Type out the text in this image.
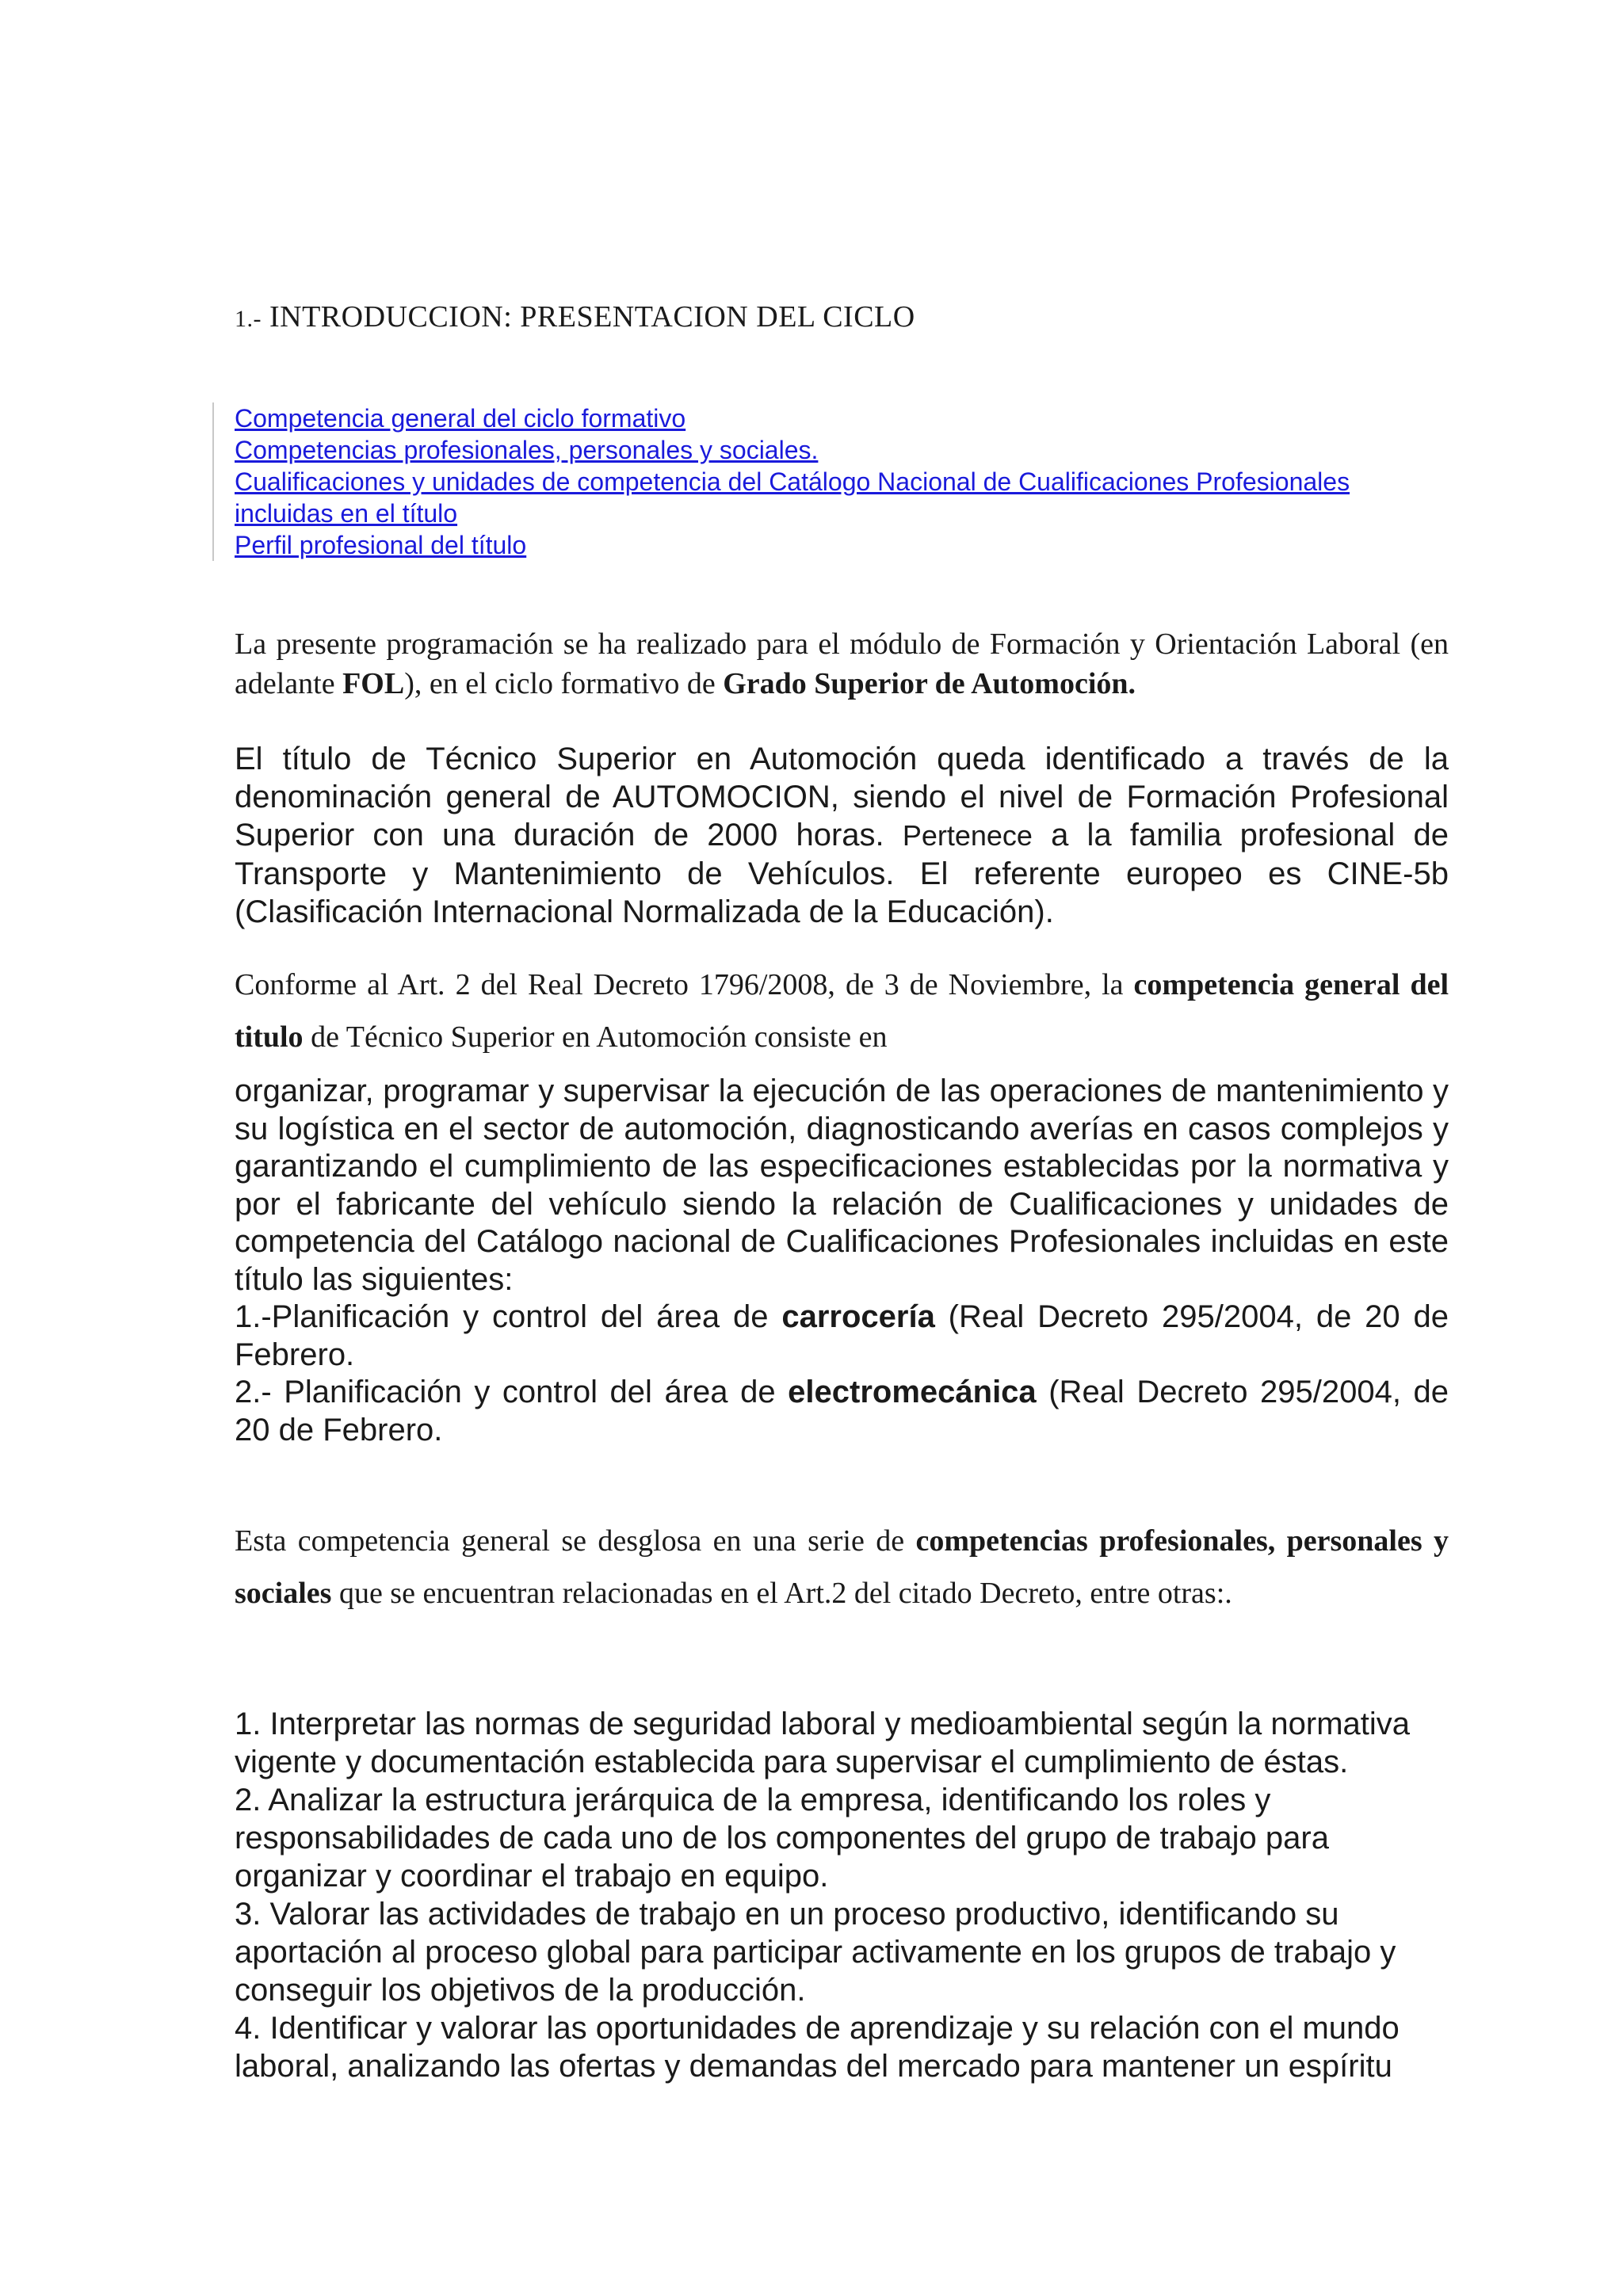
1.- INTRODUCCION: PRESENTACION DEL CICLO
Competencia general del ciclo formativo
Competencias profesionales, personales y sociales.
Cualificaciones y unidades de competencia del Catálogo Nacional de Cualificaciones Profesionales
incluidas en el título
Perfil profesional del título
La presente programación se ha realizado para el módulo de Formación y Orientación Laboral (en adelante FOL), en el ciclo formativo de Grado Superior de Automoción.
El título de Técnico Superior en Automoción queda identificado a través de la denominación general de AUTOMOCION, siendo el nivel de Formación Profesional Superior con una duración de 2000 horas. Pertenece a la familia profesional de Transporte y Mantenimiento de Vehículos. El referente europeo es CINE-5b (Clasificación Internacional Normalizada de la Educación).
Conforme al Art. 2 del Real Decreto 1796/2008, de 3 de Noviembre, la competencia general del titulo de Técnico Superior en Automoción consiste en
organizar, programar y supervisar la ejecución de las operaciones de mantenimiento y su logística en el sector de automoción, diagnosticando averías en casos complejos y garantizando el cumplimiento de las especificaciones establecidas por la normativa y por el fabricante del vehículo siendo la relación de Cualificaciones y unidades de competencia del Catálogo nacional de Cualificaciones Profesionales incluidas en este título las siguientes:
1.-Planificación y control del área de carrocería (Real Decreto 295/2004, de 20 de Febrero.
2.- Planificación y control del área de electromecánica (Real Decreto 295/2004, de 20 de Febrero.
Esta competencia general se desglosa en una serie de competencias profesionales, personales y sociales que se encuentran relacionadas en el Art.2 del citado Decreto, entre otras:.
1. Interpretar las normas de seguridad laboral y medioambiental según la normativa vigente y documentación establecida para supervisar el cumplimiento de éstas.
2. Analizar la estructura jerárquica de la empresa, identificando los roles y responsabilidades de cada uno de los componentes del grupo de trabajo para organizar y coordinar el trabajo en equipo.
3. Valorar las actividades de trabajo en un proceso productivo, identificando su aportación al proceso global para participar activamente en los grupos de trabajo y conseguir los objetivos de la producción.
4. Identificar y valorar las oportunidades de aprendizaje y su relación con el mundo laboral, analizando las ofertas y demandas del mercado para mantener un espíritu
